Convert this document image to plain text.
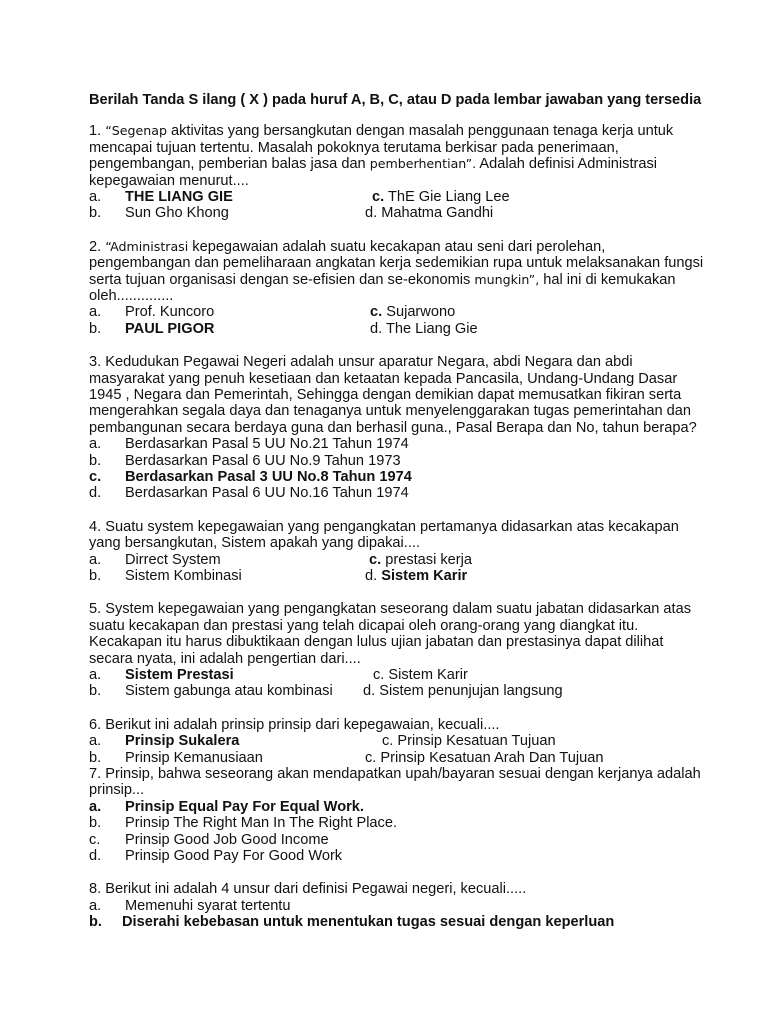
Berilah Tanda S ilang ( X ) pada huruf A, B, C, atau D pada lembar jawaban yang tersedia
1. “Segenap aktivitas yang bersangkutan dengan masalah penggunaan tenaga kerja untuk
mencapai tujuan tertentu. Masalah pokoknya terutama berkisar pada penerimaan,
pengembangan, pemberian balas jasa dan pemberhentian”. Adalah definisi Administrasi
kepegawaian menurut....
a. THE LIANG GIE	c. ThE Gie Liang Lee
b. Sun Gho Khong	d. Mahatma Gandhi
2. “Administrasi kepegawaian adalah suatu kecakapan atau seni dari perolehan,
pengembangan dan pemeliharaan angkatan kerja sedemikian rupa untuk melaksanakan fungsi
serta tujuan organisasi dengan se-efisien dan se-ekonomis mungkin”, hal ini di kemukakan
oleh..............
a. Prof. Kuncoro	c. Sujarwono
b. PAUL PIGOR	d. The Liang Gie
3. Kedudukan Pegawai Negeri adalah unsur aparatur Negara, abdi Negara dan abdi
masyarakat yang penuh kesetiaan dan ketaatan kepada Pancasila, Undang-Undang Dasar
1945 , Negara dan Pemerintah, Sehingga dengan demikian dapat memusatkan fikiran serta
mengerahkan segala daya dan tenaganya untuk menyelenggarakan tugas pemerintahan dan
pembangunan secara berdaya guna dan berhasil guna., Pasal Berapa dan No, tahun berapa?
a. Berdasarkan Pasal 5 UU No.21 Tahun 1974
b. Berdasarkan Pasal 6 UU No.9 Tahun 1973
c. Berdasarkan Pasal 3 UU No.8 Tahun 1974
d. Berdasarkan Pasal 6 UU No.16 Tahun 1974
4. Suatu system kepegawaian yang pengangkatan pertamanya didasarkan atas kecakapan
yang bersangkutan, Sistem apakah yang dipakai....
a. Dirrect System	c. prestasi kerja
b. Sistem Kombinasi	d. Sistem Karir
5. System kepegawaian yang pengangkatan seseorang dalam suatu jabatan didasarkan atas
suatu kecakapan dan prestasi yang telah dicapai oleh orang-orang yang diangkat itu.
Kecakapan itu harus dibuktikaan dengan lulus ujian jabatan dan prestasinya dapat dilihat
secara nyata, ini adalah pengertian dari....
a. Sistem Prestasi	c. Sistem Karir
b. Sistem gabunga atau kombinasi d. Sistem penunjujan langsung
6. Berikut ini adalah prinsip prinsip dari kepegawaian, kecuali....
a. Prinsip Sukalera	c. Prinsip Kesatuan Tujuan
b. Prinsip Kemanusiaan	c. Prinsip Kesatuan Arah Dan Tujuan
7. Prinsip, bahwa seseorang akan mendapatkan upah/bayaran sesuai dengan kerjanya adalah
prinsip...
a. Prinsip Equal Pay For Equal Work.
b. Prinsip The Right Man In The Right Place.
c. Prinsip Good Job Good Income
d. Prinsip Good Pay For Good Work
8. Berikut ini adalah 4 unsur dari definisi Pegawai negeri, kecuali.....
a. Memenuhi syarat tertentu
b. Diserahi kebebasan untuk menentukan tugas sesuai dengan keperluan
